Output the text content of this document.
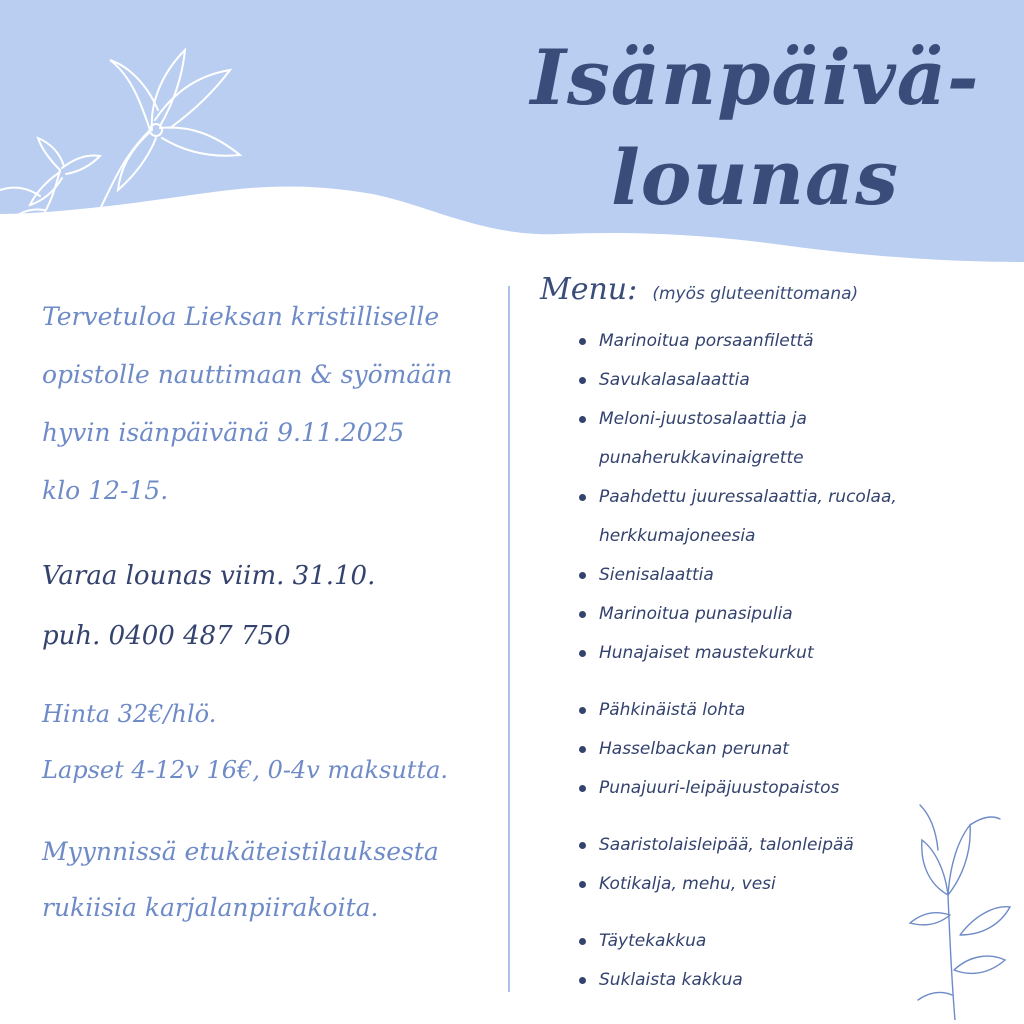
Isänpäivä-
lounas
Menu: (myös gluteenittomana)

Tervetuloa Lieksan kristilliselle
opistolle nauttimaan & syömään
hyvin isänpäivänä 9.11.2025
klo 12-15.

Varaa lounas viim. 31.10.
puh. 0400 487 750

Hinta 32€/hlö.
Lapset 4-12v 16€, 0-4v maksutta.

Myynnissä etukäteistilauksesta
rukiisia karjalanpiirakoita.

Marinoitua porsaanfilettä
Savukalasalaattia
Meloni-juustosalaattia ja
punaherukkavinaigrette
Paahdettu juuressalaattia, rucolaa,
herkkumajoneesia
Sienisalaattia
Marinoitua punasipulia
Hunajaiset maustekurkut
Pähkinäistä lohta
Hasselbackan perunat
Punajuuri-leipäjuustopaistos
Saaristolaisleipää, talonleipää
Kotikalja, mehu, vesi
Täytekakkua
Suklaista kakkua
